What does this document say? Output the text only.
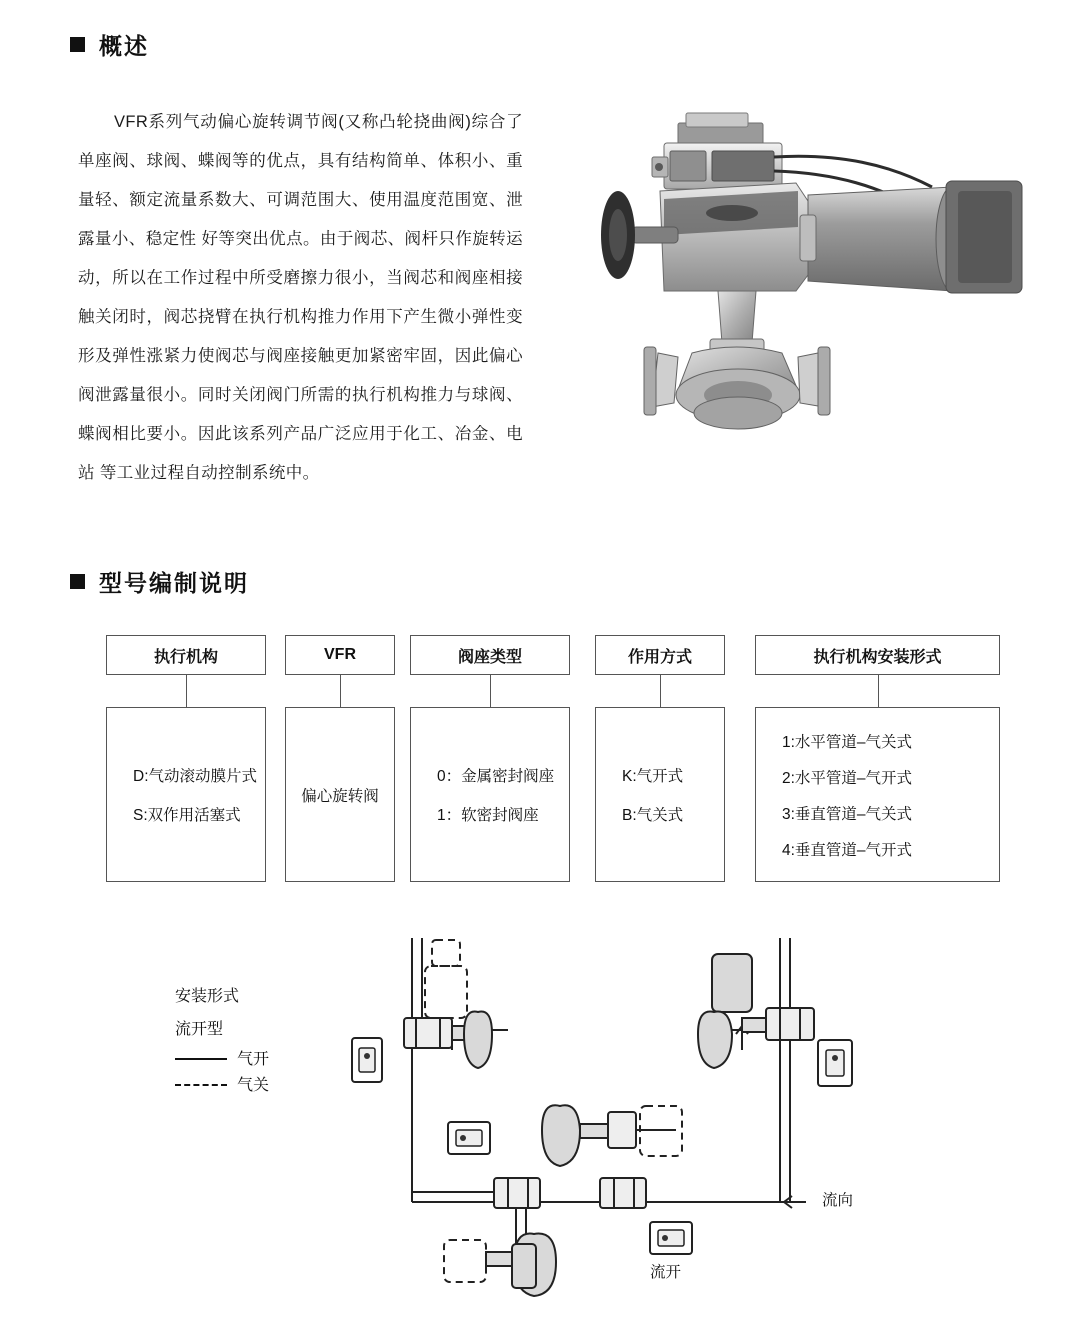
概述

VFR系列气动偏心旋转调节阀(又称凸轮挠曲阀)综合了单座阀、球阀、蝶阀等的优点，具有结构简单、体积小、重量轻、额定流量系数大、可调范围大、使用温度范围宽、泄露量小、稳定性 好等突出优点。由于阀芯、阀杆只作旋转运动，所以在工作过程中所受磨擦力很小，当阀芯和阀座相接触关闭时，阀芯挠臂在执行机构推力作用下产生微小弹性变形及弹性涨紧力使阀芯与阀座接触更加紧密牢固，因此偏心阀泄露量很小。同时关闭阀门所需的执行机构推力与球阀、蝶阀相比要小。因此该系列产品广泛应用于化工、冶金、电站 等工业过程自动控制系统中。

型号编制说明
执行机构
D:气动滚动膜片式
S:双作用活塞式
VFR
偏心旋转阀
阀座类型
0：金属密封阀座
1：软密封阀座
作用方式
K:气开式
B:气关式
执行机构安装形式
1:水平管道–气关式
2:水平管道–气开式
3:垂直管道–气关式
4:垂直管道–气开式
安装形式
流开型
气开
气关
流向
流开
